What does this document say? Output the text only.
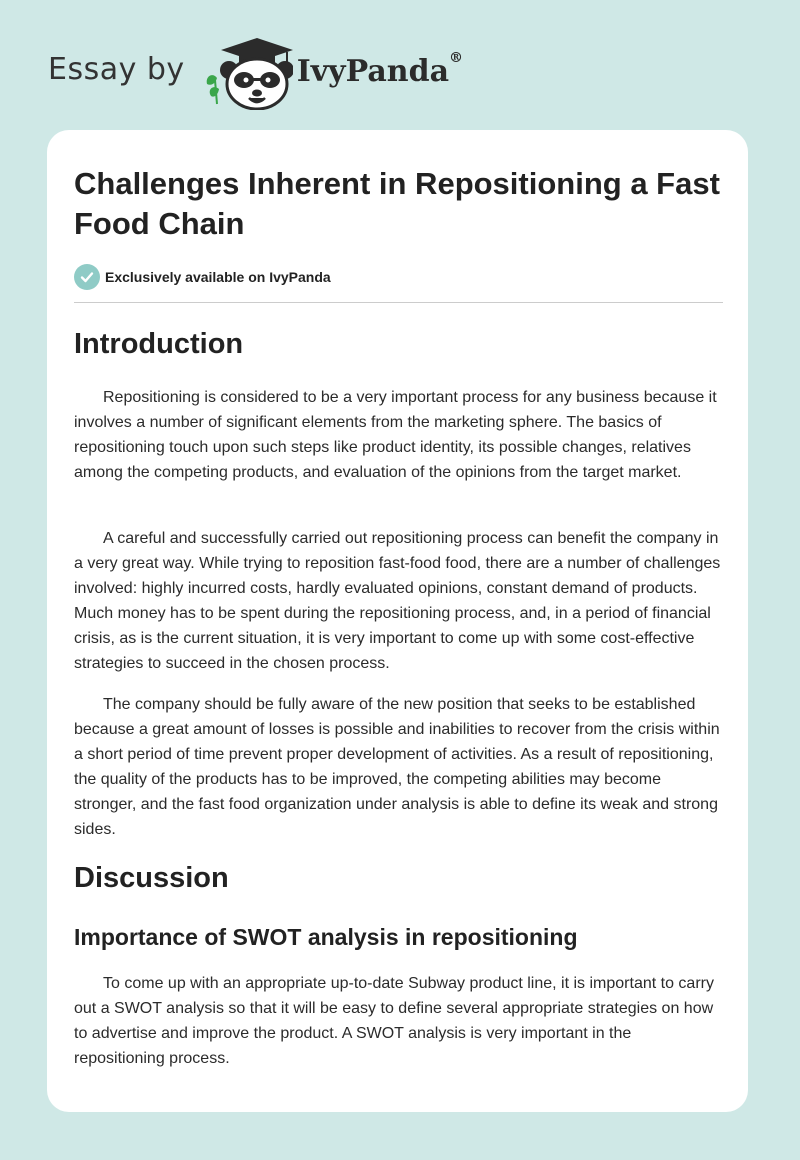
Essay by	IvyPanda®
Challenges Inherent in Repositioning a Fast Food Chain
Exclusively available on IvyPanda
Introduction

Repositioning is considered to be a very important process for any business because it involves a number of significant elements from the marketing sphere. The basics of repositioning touch upon such steps like product identity, its possible changes, relatives among the competing products, and evaluation of the opinions from the target market.

A careful and successfully carried out repositioning process can benefit the company in a very great way. While trying to reposition fast-food food, there are a number of challenges involved: highly incurred costs, hardly evaluated opinions, constant demand of products. Much money has to be spent during the repositioning process, and, in a period of financial crisis, as is the current situation, it is very important to come up with some cost-effective strategies to succeed in the chosen process.

The company should be fully aware of the new position that seeks to be established because a great amount of losses is possible and inabilities to recover from the crisis within a short period of time prevent proper development of activities. As a result of repositioning, the quality of the products has to be improved, the competing abilities may become stronger, and the fast food organization under analysis is able to define its weak and strong sides.

Discussion
Importance of SWOT analysis in repositioning

To come up with an appropriate up-to-date Subway product line, it is important to carry out a SWOT analysis so that it will be easy to define several appropriate strategies on how to advertise and improve the product. A SWOT analysis is very important in the repositioning process.
